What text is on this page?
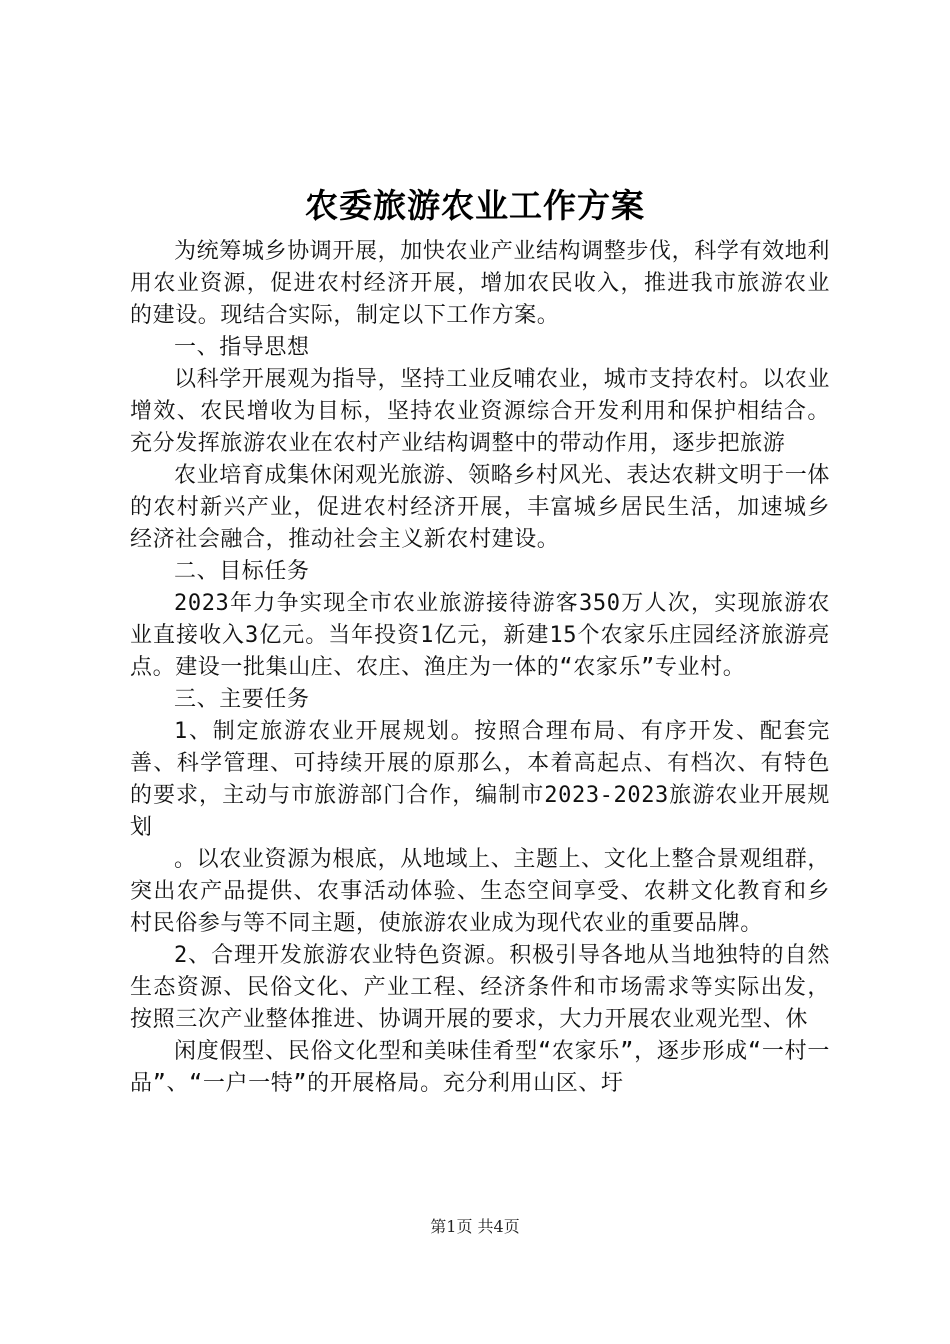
农委旅游农业工作方案

为统筹城乡协调开展，加快农业产业结构调整步伐，科学有效地利用农业资源，促进农村经济开展，增加农民收入，推进我市旅游农业的建设。现结合实际，制定以下工作方案。

一、指导思想

以科学开展观为指导，坚持工业反哺农业，城市支持农村。以农业增效、农民增收为目标，坚持农业资源综合开发利用和保护相结合。充分发挥旅游农业在农村产业结构调整中的带动作用，逐步把旅游

农业培育成集休闲观光旅游、领略乡村风光、表达农耕文明于一体的农村新兴产业，促进农村经济开展，丰富城乡居民生活，加速城乡经济社会融合，推动社会主义新农村建设。

二、目标任务

2023年力争实现全市农业旅游接待游客350万人次，实现旅游农业直接收入3亿元。当年投资1亿元，新建15个农家乐庄园经济旅游亮点。建设一批集山庄、农庄、渔庄为一体的“农家乐”专业村。

三、主要任务

1、制定旅游农业开展规划。按照合理布局、有序开发、配套完善、科学管理、可持续开展的原那么，本着高起点、有档次、有特色的要求，主动与市旅游部门合作，编制市2023-2023旅游农业开展规划

。以农业资源为根底，从地域上、主题上、文化上整合景观组群，突出农产品提供、农事活动体验、生态空间享受、农耕文化教育和乡村民俗参与等不同主题，使旅游农业成为现代农业的重要品牌。

2、合理开发旅游农业特色资源。积极引导各地从当地独特的自然生态资源、民俗文化、产业工程、经济条件和市场需求等实际出发，按照三次产业整体推进、协调开展的要求，大力开展农业观光型、休

闲度假型、民俗文化型和美味佳肴型“农家乐”，逐步形成“一村一品”、“一户一特”的开展格局。充分利用山区、圩

第1页 共4页
